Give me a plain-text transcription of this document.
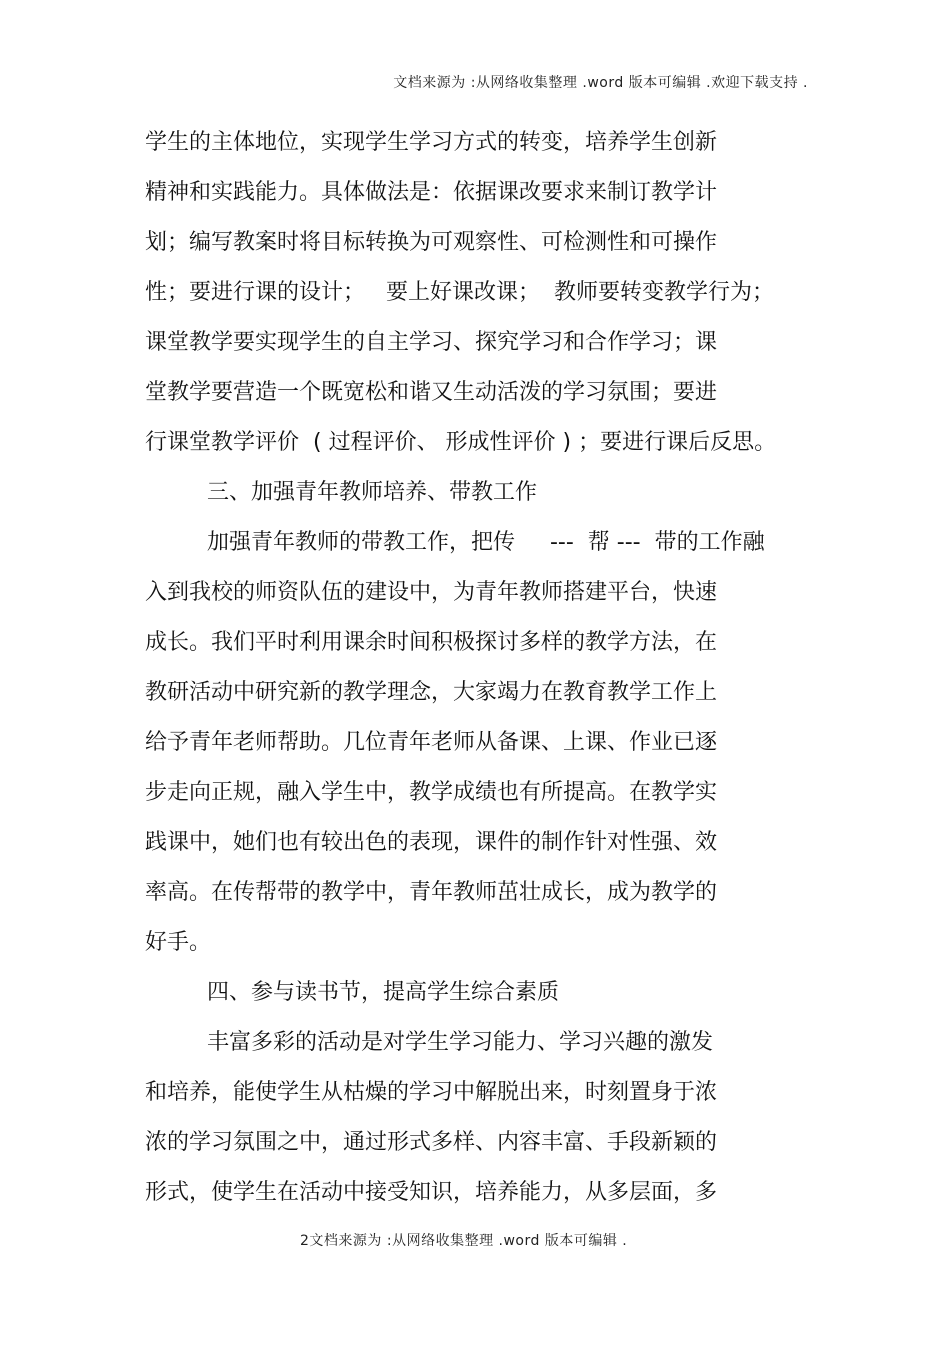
文档来源为 :从网络收集整理 .word 版本可编辑 .欢迎下载支持 .
学生的主体地位，实现学生学习方式的转变，培养学生创新
精神和实践能力。具体做法是：依据课改要求来制订教学计
划；编写教案时将目标转换为可观察性、可检测性和可操作
性；要进行课的设计；   要上好课改课；  教师要转变教学行为；
课堂教学要实现学生的自主学习、探究学习和合作学习；课
堂教学要营造一个既宽松和谐又生动活泼的学习氛围；要进
行课堂教学评价  ( 过程评价、 形成性评价 ) ；要进行课后反思。
三、加强青年教师培养、带教工作
加强青年教师的带教工作，把传     ---  帮 ---  带的工作融
入到我校的师资队伍的建设中，为青年教师搭建平台，快速
成长。我们平时利用课余时间积极探讨多样的教学方法，在
教研活动中研究新的教学理念，大家竭力在教育教学工作上
给予青年老师帮助。几位青年老师从备课、上课、作业已逐
步走向正规，融入学生中，教学成绩也有所提高。在教学实
践课中，她们也有较出色的表现，课件的制作针对性强、效
率高。在传帮带的教学中，青年教师茁壮成长，成为教学的
好手。
四、参与读书节，提高学生综合素质
丰富多彩的活动是对学生学习能力、学习兴趣的激发
和培养，能使学生从枯燥的学习中解脱出来，时刻置身于浓
浓的学习氛围之中，通过形式多样、内容丰富、手段新颖的
形式，使学生在活动中接受知识，培养能力，从多层面，多
2文档来源为 :从网络收集整理 .word 版本可编辑 .
